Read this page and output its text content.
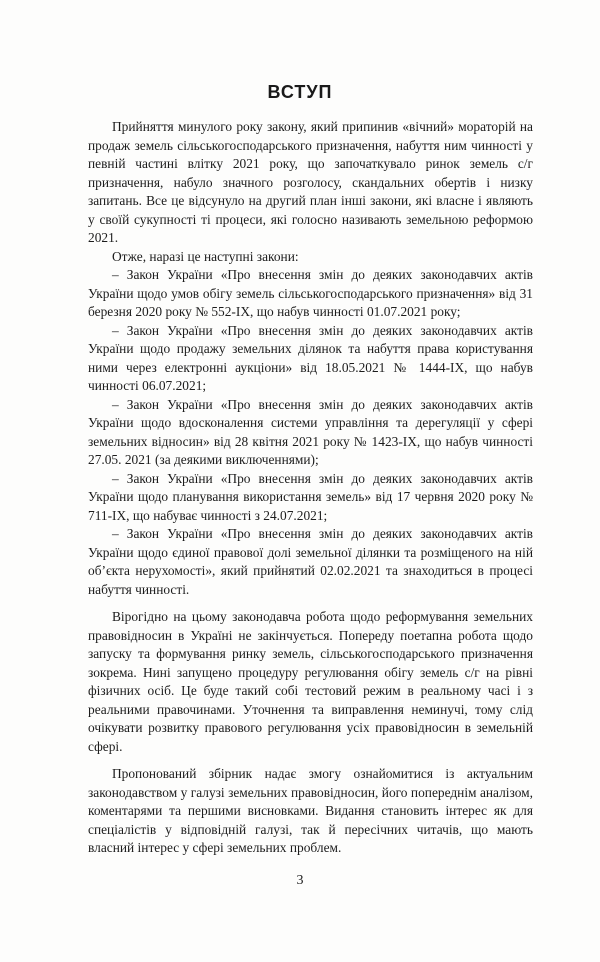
ВСТУП

Прийняття минулого року закону, який припинив «вічний» мораторій на продаж земель сільськогосподарського призначення, набуття ним чинності у певній частині влітку 2021 року, що започаткувало ринок земель с/г призначення, набуло значного розголосу, скандальних обертів і низку запитань. Все це відсунуло на другий план інші закони, які власне і являють у своїй сукупності ті процеси, які голосно називають земельною реформою 2021.

Отже, наразі це наступні закони:

– Закон України «Про внесення змін до деяких законодавчих актів України щодо умов обігу земель сільськогосподарського призначення» від 31 березня 2020 року № 552-IX, що набув чинності 01.07.2021 року;

– Закон України «Про внесення змін до деяких законодавчих актів України щодо продажу земельних ділянок та набуття права користування ними через електронні аукціони» від 18.05.2021 № 1444-IX, що набув чинності 06.07.2021;

– Закон України «Про внесення змін до деяких законодавчих актів України щодо вдосконалення системи управління та дерегуляції у сфері земельних відносин» від 28 квітня 2021 року № 1423-IX, що набув чинності 27.05. 2021 (за деякими виключеннями);

– Закон України «Про внесення змін до деяких законодавчих актів України щодо планування використання земель» від 17 червня 2020 року № 711-IX, що набуває чинності з 24.07.2021;

– Закон України «Про внесення змін до деяких законодавчих актів України щодо єдиної правової долі земельної ділянки та розміщеного на ній об’єкта нерухомості», який прийнятий 02.02.2021 та знаходиться в процесі набуття чинності.

Вірогідно на цьому законодавча робота щодо реформування земельних правовідносин в Україні не закінчується. Попереду поетапна робота щодо запуску та формування ринку земель, сільськогосподарського призначення зокрема. Нині запущено процедуру регулювання обігу земель с/г на рівні фізичних осіб. Це буде такий собі тестовий режим в реальному часі і з реальними правочинами. Уточнення та виправлення неминучі, тому слід очікувати розвитку правового регулювання усіх правовідносин в земельній сфері.

Пропонований збірник надає змогу ознайомитися із актуальним законодавством у галузі земельних правовідносин, його попереднім аналізом, коментарями та першими висновками. Видання становить інтерес як для спеціалістів у відповідній галузі, так й пересічних читачів, що мають власний інтерес у сфері земельних проблем.

3
